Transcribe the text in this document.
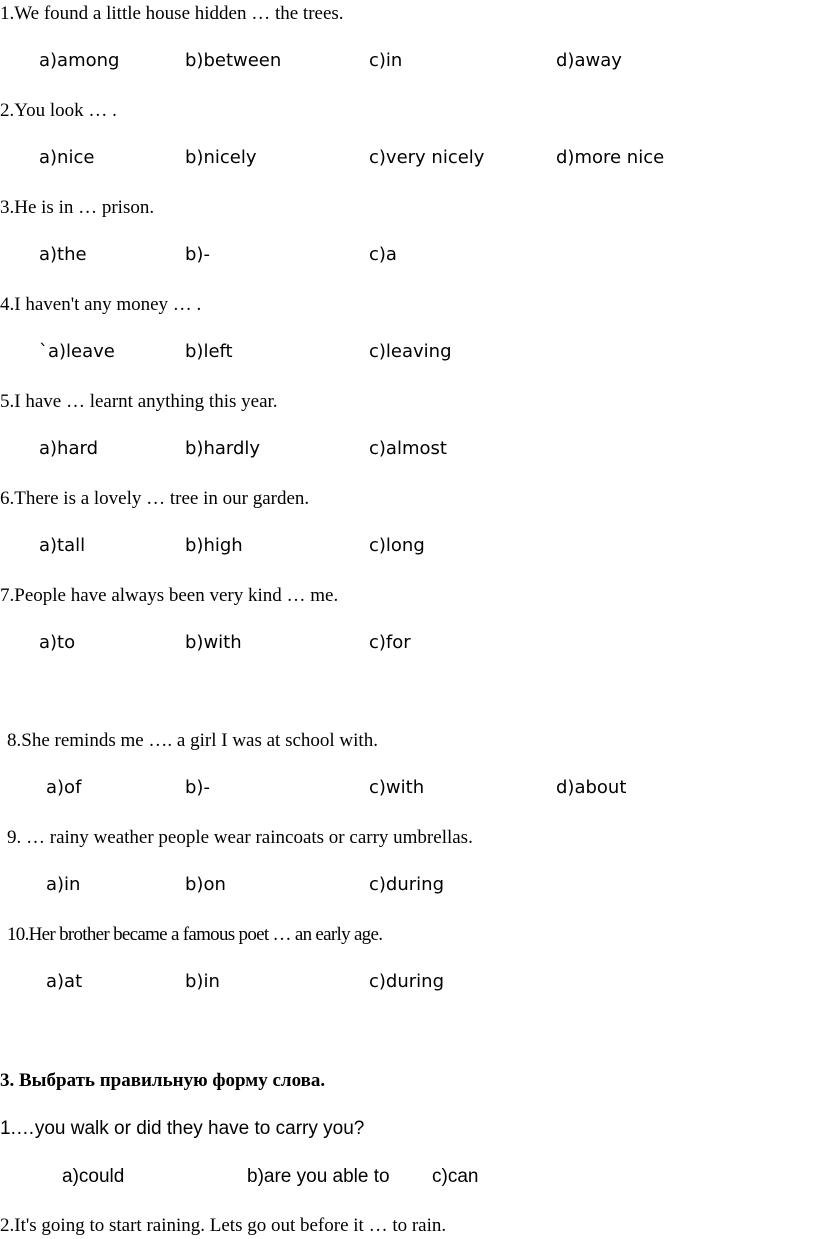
1.We found a little house hidden … the trees.
a)among	b)between	c)in	d)away
2.You look … .
a)nice	b)nicely	c)very nicely	d)more nice
3.He is in … prison.
a)the	b)-	c)a
4.I haven't any money … .
`a)leave	b)left	c)leaving
5.I have … learnt anything this year.
a)hard	b)hardly	c)almost
6.There is a lovely … tree in our garden.
a)tall	b)high	c)long
7.People have always been very kind … me.
a)to	b)with	c)for
8.She reminds me …. a girl I was at school with.
a)of	b)-	c)with	d)about
9. … rainy weather people wear raincoats or carry umbrellas.
a)in	b)on	c)during
10.Her brother became a famous poet … an early age.
a)at	b)in	c)during
3. Выбрать правильную форму слова.
1.…you walk or did they have to carry you?
a)could	b)are you able to c)can
2.It's going to start raining. Lets go out before it … to rain.
